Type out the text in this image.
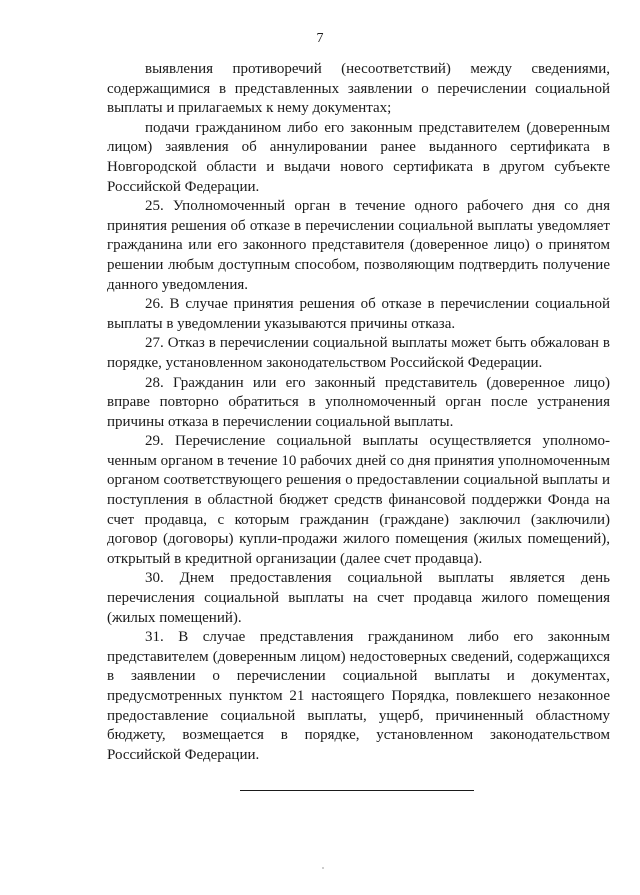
7

выявления противоречий (несоответствий) между сведениями, содержащимися в представленных заявлении о перечислении социальной выплаты и прилагаемых к нему документах;

подачи гражданином либо его законным представителем (доверенным лицом) заявления об аннулировании ранее выданного сертификата в Новгородской области и выдачи нового сертификата в другом субъекте Российской Федерации.

25. Уполномоченный орган в течение одного рабочего дня со дня принятия решения об отказе в перечислении социальной выплаты уведомляет гражданина или его законного представителя (доверенное лицо) о принятом решении любым доступным способом, позволяющим подтвердить получение данного уведомления.

26. В случае принятия решения об отказе в перечислении социальной выплаты в уведомлении указываются причины отказа.

27. Отказ в перечислении социальной выплаты может быть обжалован в порядке, установленном законодательством Российской Федерации.

28. Гражданин или его законный представитель (доверенное лицо) вправе повторно обратиться в уполномоченный орган после устранения причины отказа в перечислении социальной выплаты.

29. Перечисление социальной выплаты осуществляется уполномоченным органом в течение 10 рабочих дней со дня принятия уполномоченным органом соответствующего решения о предоставлении социальной выплаты и поступления в областной бюджет средств финансовой поддержки Фонда на счет продавца, с которым гражданин (граждане) заключил (заключили) договор (договоры) купли-продажи жилого помещения (жилых помещений), открытый в кредитной организации (далее счет продавца).

30. Днем предоставления социальной выплаты является день перечисления социальной выплаты на счет продавца жилого помещения (жилых помещений).

31. В случае представления гражданином либо его законным представителем (доверенным лицом) недостоверных сведений, содержащихся в заявлении о перечислении социальной выплаты и документах, предусмотренных пунктом 21 настоящего Порядка, повлекшего незаконное предоставление социальной выплаты, ущерб, причиненный областному бюджету, возмещается в порядке, установленном законодательством Российской Федерации.
